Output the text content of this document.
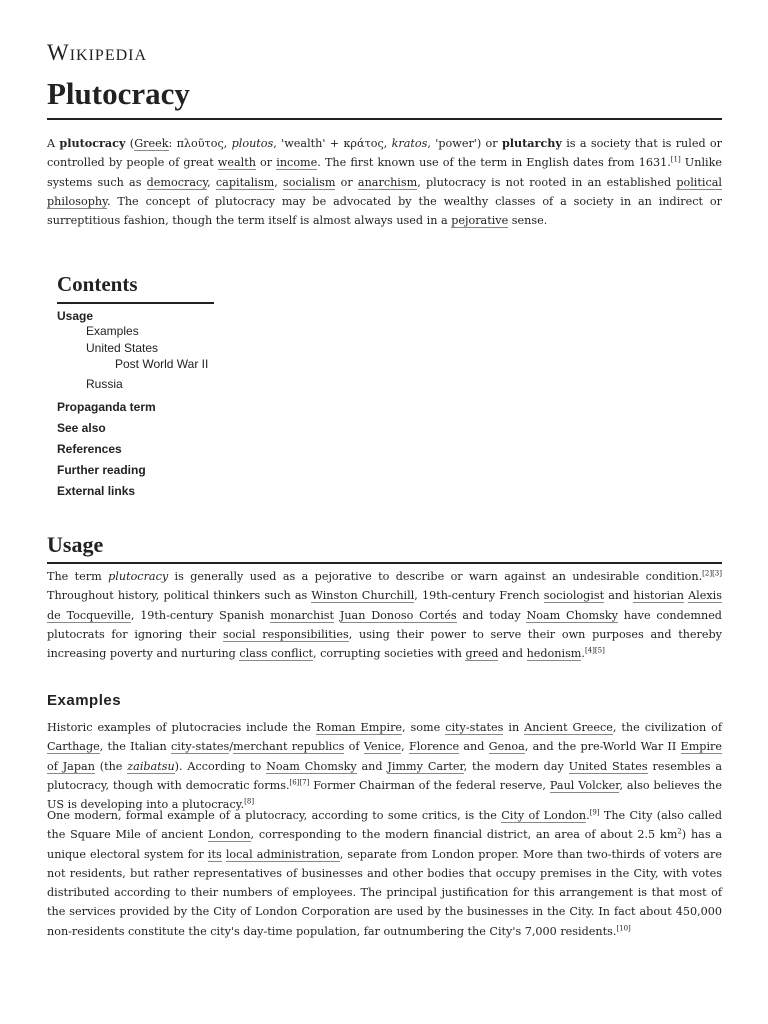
Wikipedia
Plutocracy

A plutocracy (Greek: πλοῦτος, ploutos, 'wealth' + κράτος, kratos, 'power') or plutarchy is a society that is ruled or controlled by people of great wealth or income. The first known use of the term in English dates from 1631.[1] Unlike systems such as democracy, capitalism, socialism or anarchism, plutocracy is not rooted in an established political philosophy. The concept of plutocracy may be advocated by the wealthy classes of a society in an indirect or surreptitious fashion, though the term itself is almost always used in a pejorative sense.

Contents
Usage
Examples
United States
Post World War II
Russia
Propaganda term
See also
References
Further reading
External links
Usage

The term plutocracy is generally used as a pejorative to describe or warn against an undesirable condition.[2][3] Throughout history, political thinkers such as Winston Churchill, 19th-century French sociologist and historian Alexis de Tocqueville, 19th-century Spanish monarchist Juan Donoso Cortés and today Noam Chomsky have condemned plutocrats for ignoring their social responsibilities, using their power to serve their own purposes and thereby increasing poverty and nurturing class conflict, corrupting societies with greed and hedonism.[4][5]

Examples

Historic examples of plutocracies include the Roman Empire, some city-states in Ancient Greece, the civilization of Carthage, the Italian city-states/merchant republics of Venice, Florence and Genoa, and the pre-World War II Empire of Japan (the zaibatsu). According to Noam Chomsky and Jimmy Carter, the modern day United States resembles a plutocracy, though with democratic forms.[6][7] Former Chairman of the federal reserve, Paul Volcker, also believes the US is developing into a plutocracy.[8]

One modern, formal example of a plutocracy, according to some critics, is the City of London.[9] The City (also called the Square Mile of ancient London, corresponding to the modern financial district, an area of about 2.5 $km^2$) has a unique electoral system for its local administration, separate from London proper. More than two-thirds of voters are not residents, but rather representatives of businesses and other bodies that occupy premises in the City, with votes distributed according to their numbers of employees. The principal justification for this arrangement is that most of the services provided by the City of London Corporation are used by the businesses in the City. In fact about 450,000 non-residents constitute the city's day-time population, far outnumbering the City's 7,000 residents.[10]
